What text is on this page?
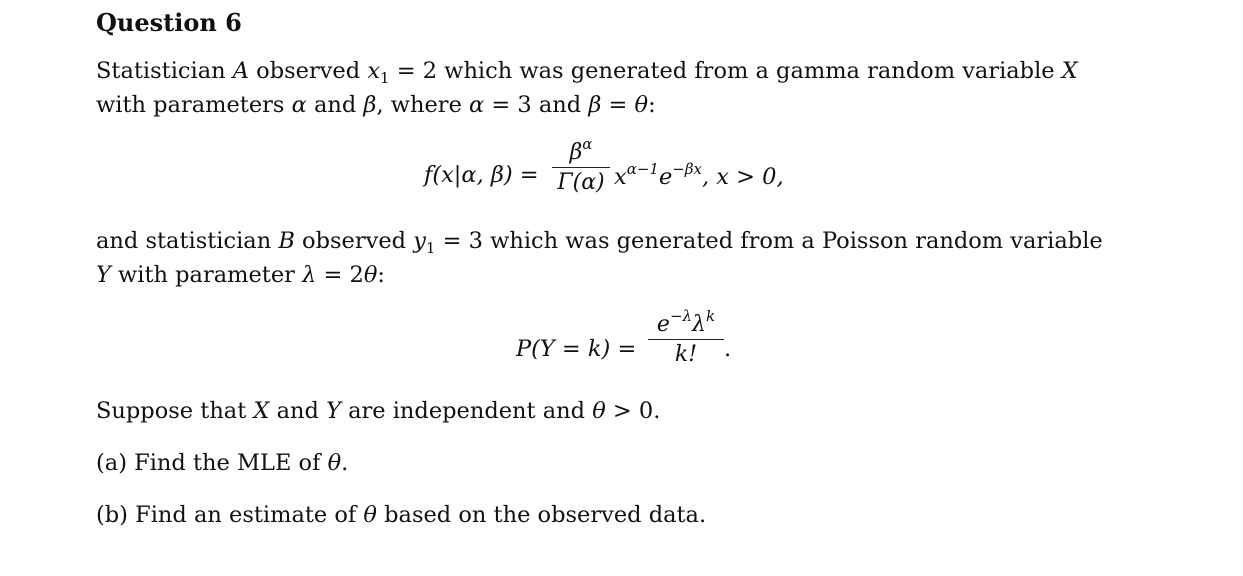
Question 6
Statistician A observed $x_1 = 2$ which was generated from a gamma random variable X
with parameters α and β, where α = 3 and β = θ:
f(x|α, $\beta) = \frac{\beta^\alpha}{\Gamma(\alpha)} x^{\alpha-1}e^{-\beta x}$, x > 0,
and statistician B observed $y_1 = 3$ which was generated from a Poisson random variable
Y with parameter λ = 2θ:
P(Y = k) =
$e^{-\lambda}\lambda^k$
k!	.
Suppose that X and Y are independent and θ > 0.
(a) Find the MLE of θ.
(b) Find an estimate of θ based on the observed data.
